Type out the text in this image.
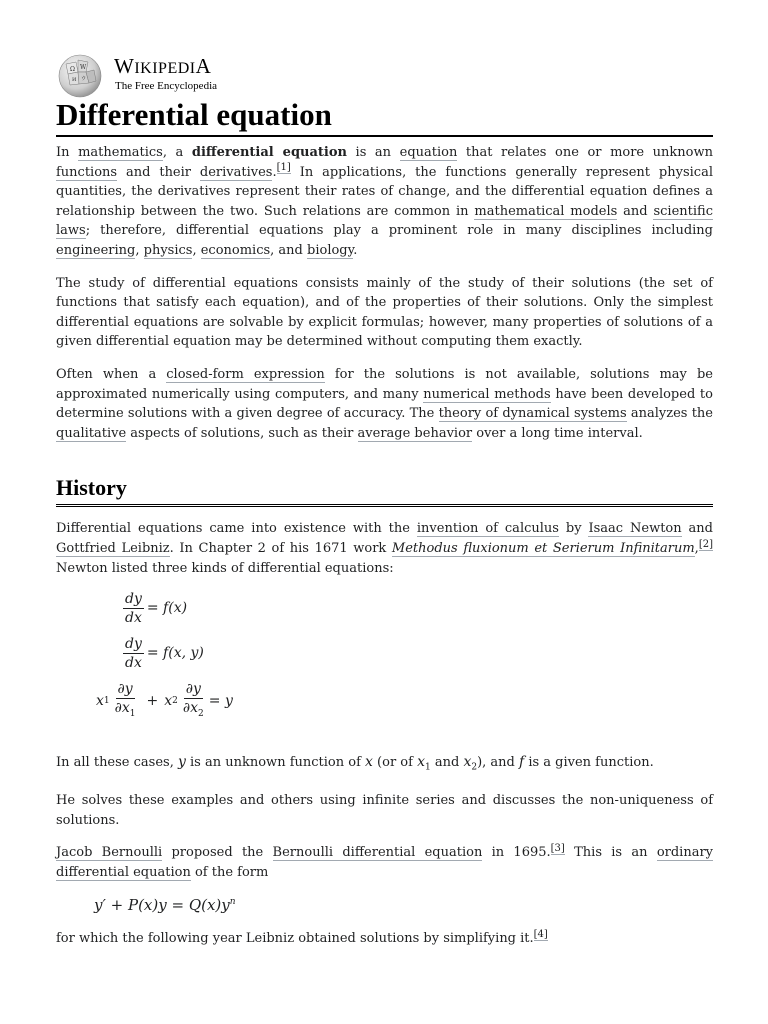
Ω W
И ウ
WIKIPEDIA
The Free Encyclopedia
Differential equation

In mathematics, a differential equation is an equation that relates one or more unknown functions and their derivatives.[1] In applications, the functions generally represent physical quantities, the derivatives represent their rates of change, and the differential equation defines a relationship between the two. Such relations are common in mathematical models and scientific laws; therefore, differential equations play a prominent role in many disciplines including engineering, physics, economics, and biology.

The study of differential equations consists mainly of the study of their solutions (the set of functions that satisfy each equation), and of the properties of their solutions. Only the simplest differential equations are solvable by explicit formulas; however, many properties of solutions of a given differential equation may be determined without computing them exactly.

Often when a closed-form expression for the solutions is not available, solutions may be approximated numerically using computers, and many numerical methods have been developed to determine solutions with a given degree of accuracy. The theory of dynamical systems analyzes the qualitative aspects of solutions, such as their average behavior over a long time interval.

History

Differential equations came into existence with the invention of calculus by Isaac Newton and Gottfried Leibniz. In Chapter 2 of his 1671 work Methodus fluxionum et Serierum Infinitarum,[2] Newton listed three kinds of differential equations:

$\frac{dy}{dx} = f(x)$
$\frac{dy}{dx} = f(x$, y)
x $1 \frac{\partial y}{\partial x_1} + x$ $2 \frac{\partial y}{\partial x_2} = y$

In all these cases, y is an unknown function of x (or of $x_1$ and $x_2$), and f is a given function.

He solves these examples and others using infinite series and discusses the non-uniqueness of solutions.

Jacob Bernoulli proposed the Bernoulli differential equation in 1695.[3] This is an ordinary differential equation of the form

$y' + P(x)y = Q(x)y^n$

for which the following year Leibniz obtained solutions by simplifying it.[4]
